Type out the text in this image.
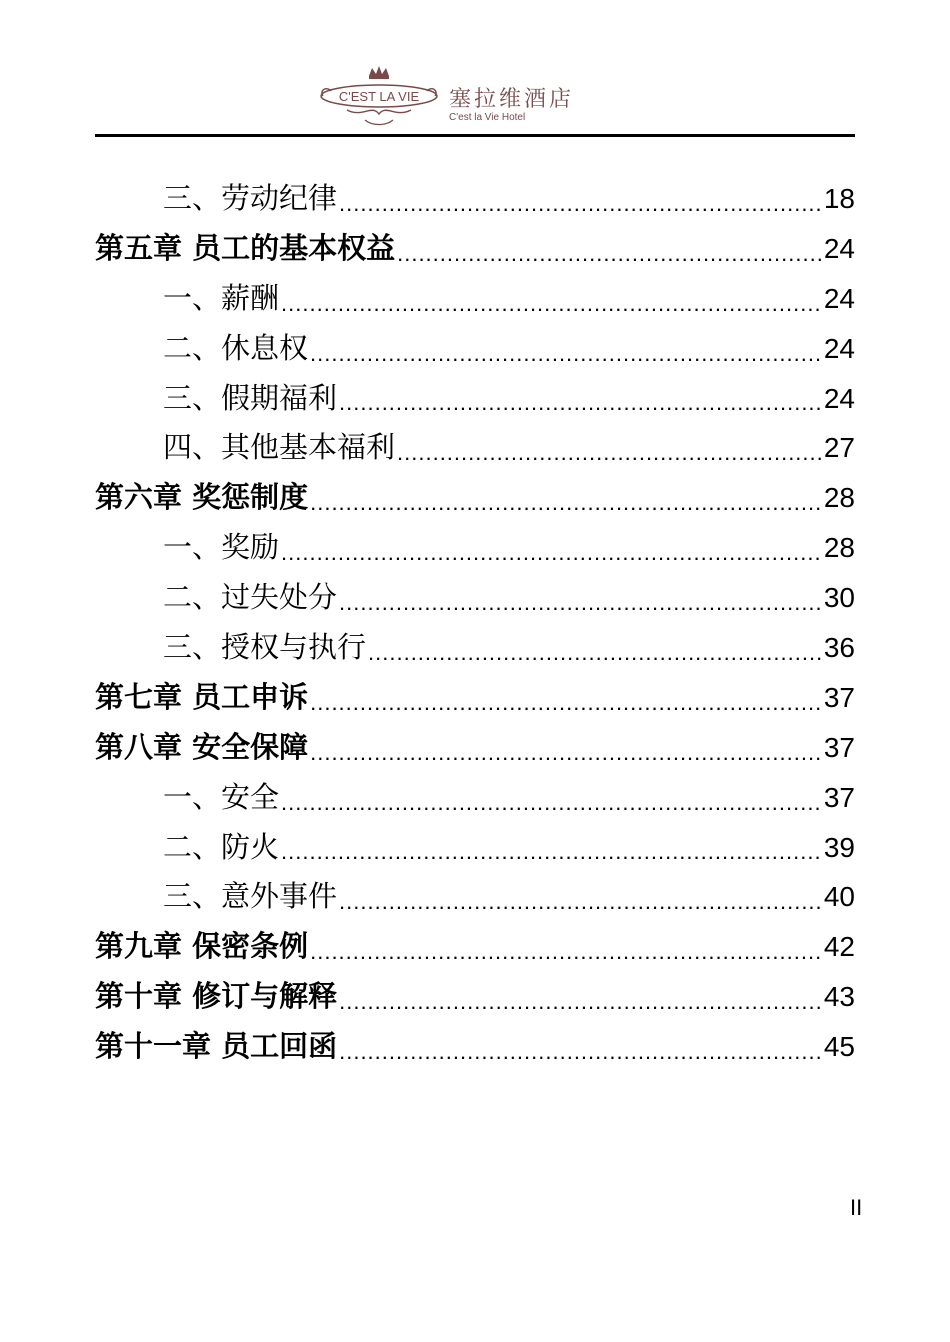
C'EST LA VIE 塞拉维酒店
C'est la Vie Hotel
三、劳动纪律 .....	18
第五章 员工的基本权益 .....	24
一、薪酬 .....	24
二、休息权 .....	24
三、假期福利 .....	24
四、其他基本福利 .....	27
第六章 奖惩制度 .....	28
一、奖励 .....	28
二、过失处分 .....	30
三、授权与执行 .....	36
第七章 员工申诉 .....	37
第八章 安全保障 .....	37
一、安全 .....	37
二、防火 .....	39
三、意外事件 .....	40
第九章 保密条例 .....	42
第十章 修订与解释 .....	43
第十一章 员工回函 .....	45
II
